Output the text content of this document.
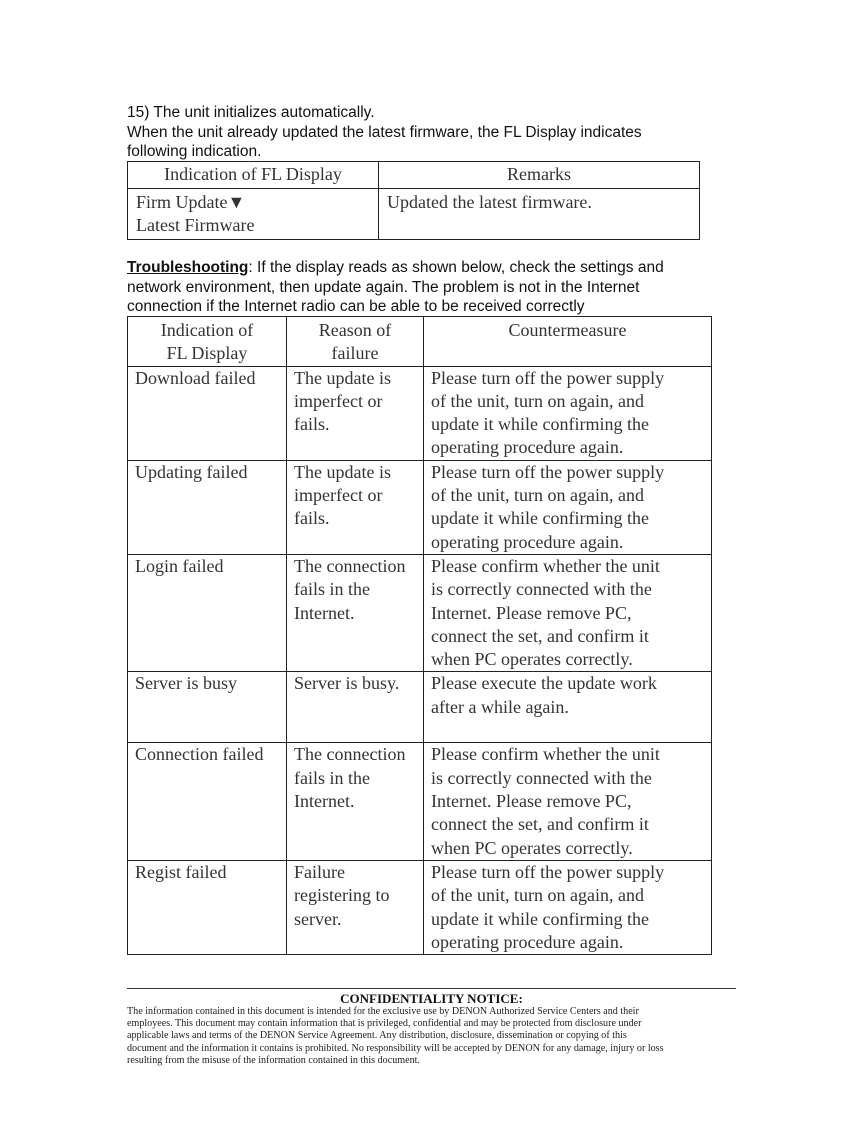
15) The unit initializes automatically.
When the unit already updated the latest firmware, the FL Display indicates
following indication.
Indication of FL Display	Remarks

Firm Update▼
Latest Firmware	Updated the latest firmware.
Troubleshooting: If the display reads as shown below, check the settings and
network environment, then update again. The problem is not in the Internet
connection if the Internet radio can be able to be received correctly
Indication of
FL Display	Reason of
failure	Countermeasure
Download failed	The update is
imperfect or
fails.	Please turn off the power supply
of the unit, turn on again, and
update it while confirming the
operating procedure again.
Updating failed	The update is
imperfect or
fails.	Please turn off the power supply
of the unit, turn on again, and
update it while confirming the
operating procedure again.
Login failed	The connection
fails in the
Internet.	Please confirm whether the unit
is correctly connected with the
Internet. Please remove PC,
connect the set, and confirm it
when PC operates correctly.
Server is busy	Server is busy.	Please execute the update work
after a while again.
Connection failed	The connection
fails in the
Internet.	Please confirm whether the unit
is correctly connected with the
Internet. Please remove PC,
connect the set, and confirm it
when PC operates correctly.
Regist failed	Failure
registering to
server.	Please turn off the power supply
of the unit, turn on again, and
update it while confirming the
operating procedure again.
CONFIDENTIALITY NOTICE:
The information contained in this document is intended for the exclusive use by DENON Authorized Service Centers and their
employees. This document may contain information that is privileged, confidential and may be protected from disclosure under
applicable laws and terms of the DENON Service Agreement. Any distribution, disclosure, dissemination or copying of this
document and the information it contains is prohibited. No responsibility will be accepted by DENON for any damage, injury or loss
resulting from the misuse of the information contained in this document.
